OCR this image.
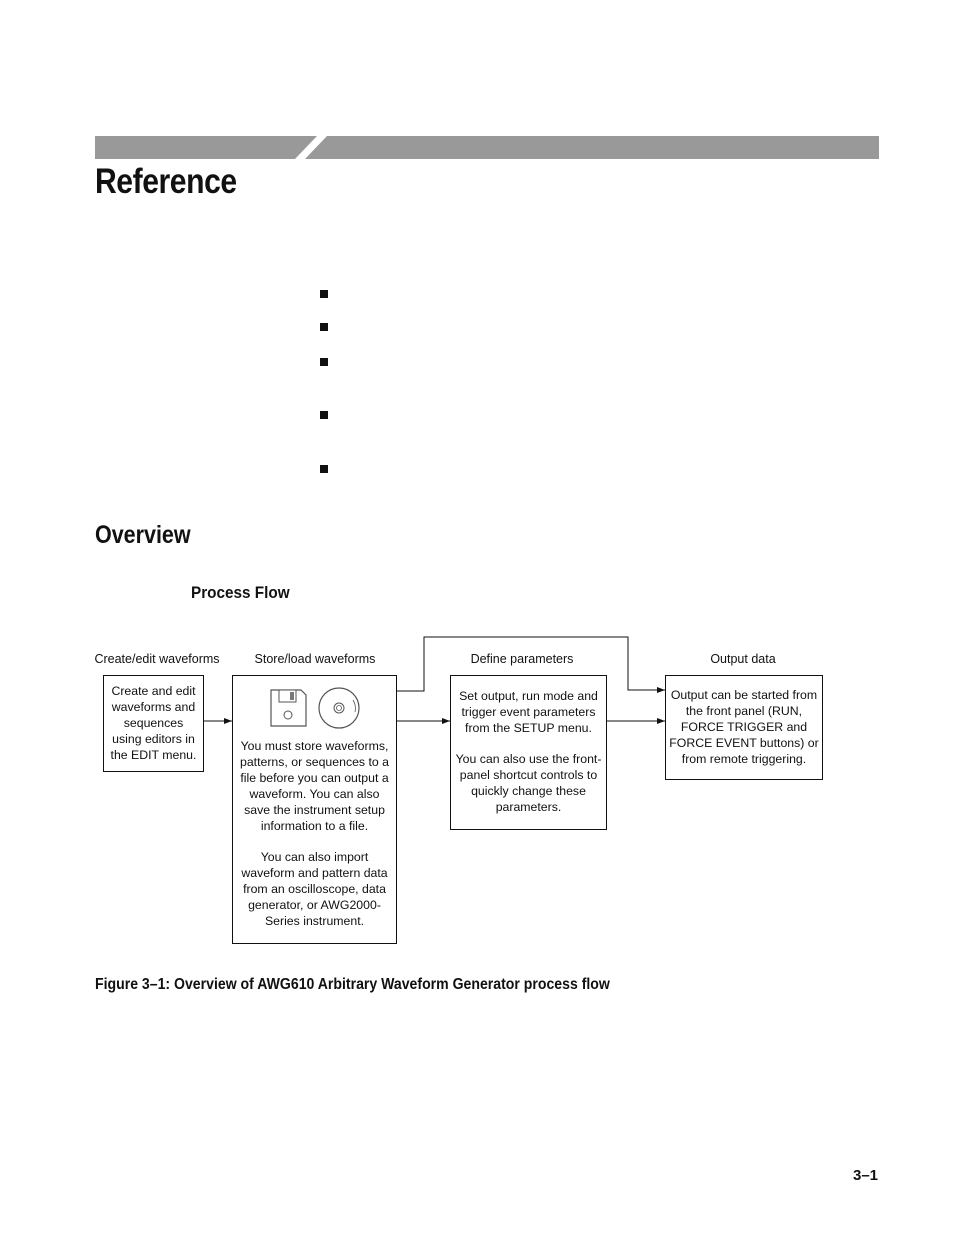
Reference
Overview
Process Flow
Create/edit waveforms	Store/load waveforms	Define parameters	Output data

Create and edit waveforms and sequences using editors in the EDIT menu.

You must store waveforms, patterns, or sequences to a file before you can output a waveform. You can also save the instrument setup information to a file.

You can also import waveform and pattern data from an oscilloscope, data generator, or AWG2000-Series instrument.

Set output, run mode and trigger event parameters from the SETUP menu.

You can also use the front-panel shortcut controls to quickly change these parameters.

Output can be started from the front panel (RUN, FORCE TRIGGER and FORCE EVENT buttons) or from remote triggering.

Figure 3–1: Overview of AWG610 Arbitrary Waveform Generator process flow

3–1
